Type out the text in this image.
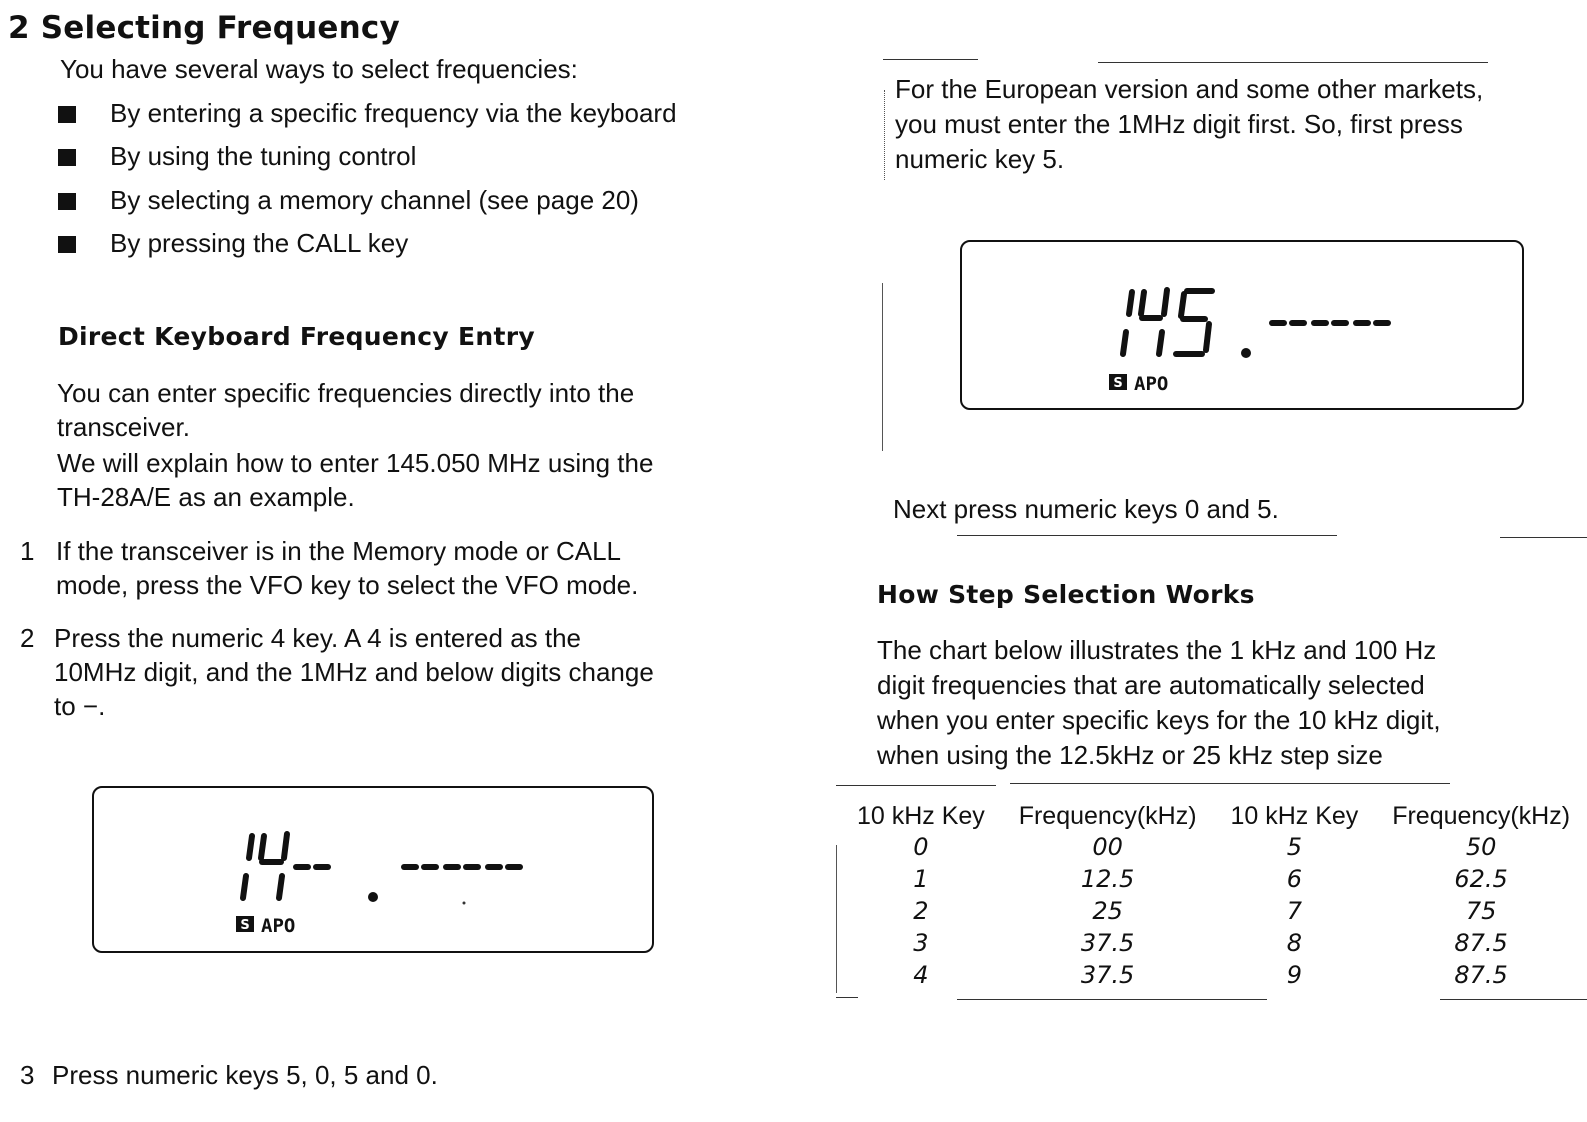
2 Selecting Frequency
You have several ways to select frequencies:
By entering a specific frequency via the keyboard
By using the tuning control
By selecting a memory channel (see page 20)
By pressing the CALL key
Direct Keyboard Frequency Entry
You can enter specific frequencies directly into the
transceiver.
We will explain how to enter 145.050 MHz using the
TH-28A/E as an example.
1 If the transceiver is in the Memory mode or CALL
mode, press the VFO key to select the VFO mode.
2 Press the numeric 4 key. A 4 is entered as the
10MHz digit, and the 1MHz and below digits change
to −.
S APO
3 Press numeric keys 5, 0, 5 and 0.
For the European version and some other markets,
you must enter the 1MHz digit first. So, first press
numeric key 5.
S APO
Next press numeric keys 0 and 5.
How Step Selection Works
The chart below illustrates the 1 kHz and 100 Hz
digit frequencies that are automatically selected
when you enter specific keys for the 10 kHz digit,
when using the 12.5kHz or 25 kHz step size
10 kHz Key	Frequency(kHz)	10 kHz Key	Frequency(kHz)
0	00	5	50
1	12.5	6	62.5
2	25	7	75
3	37.5	8	87.5
4	37.5	9	87.5
